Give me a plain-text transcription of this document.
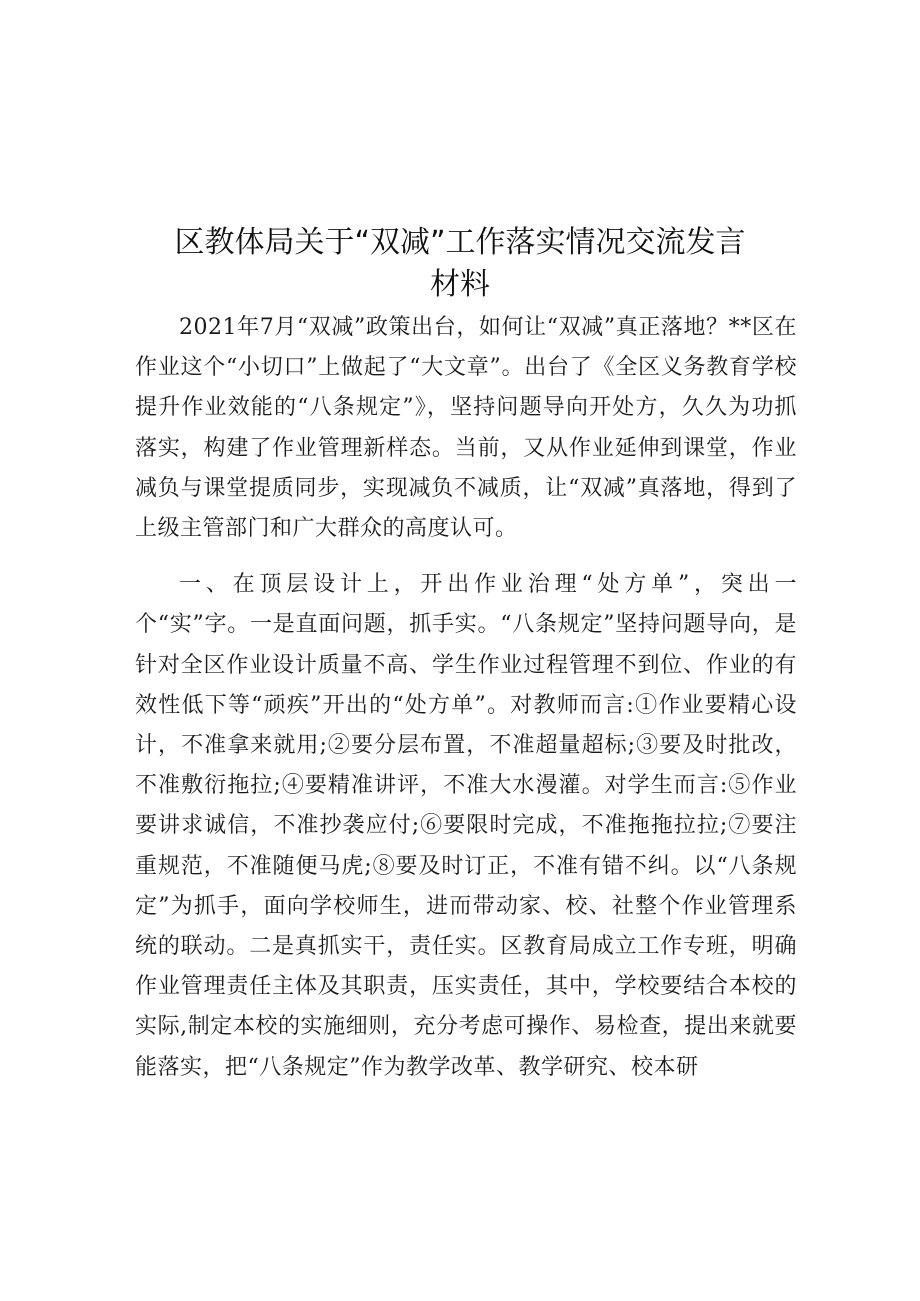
区教体局关于“双减”工作落实情况交流发言
材料

2021年7月“双减”政策出台，如何让“双减”真正落地？**区在作业这个“小切口”上做起了“大文章”。出台了《全区义务教育学校提升作业效能的“八条规定”》，坚持问题导向开处方，久久为功抓落实，构建了作业管理新样态。当前，又从作业延伸到课堂，作业减负与课堂提质同步，实现减负不减质，让“双减”真落地，得到了上级主管部门和广大群众的高度认可。

一、在顶层设计上，开出作业治理“处方单”，突出一个“实”字。一是直面问题，抓手实。“八条规定”坚持问题导向，是针对全区作业设计质量不高、学生作业过程管理不到位、作业的有效性低下等“顽疾”开出的“处方单”。对教师而言:①作业要精心设计，不准拿来就用;②要分层布置，不准超量超标;③要及时批改，不准敷衍拖拉;④要精准讲评，不准大水漫灌。对学生而言:⑤作业要讲求诚信，不准抄袭应付;⑥要限时完成，不准拖拖拉拉;⑦要注重规范，不准随便马虎;⑧要及时订正，不准有错不纠。以“八条规定”为抓手，面向学校师生，进而带动家、校、社整个作业管理系统的联动。二是真抓实干，责任实。区教育局成立工作专班，明确作业管理责任主体及其职责，压实责任，其中，学校要结合本校的实际,制定本校的实施细则，充分考虑可操作、易检查，提出来就要能落实，把“八条规定”作为教学改革、教学研究、校本研
